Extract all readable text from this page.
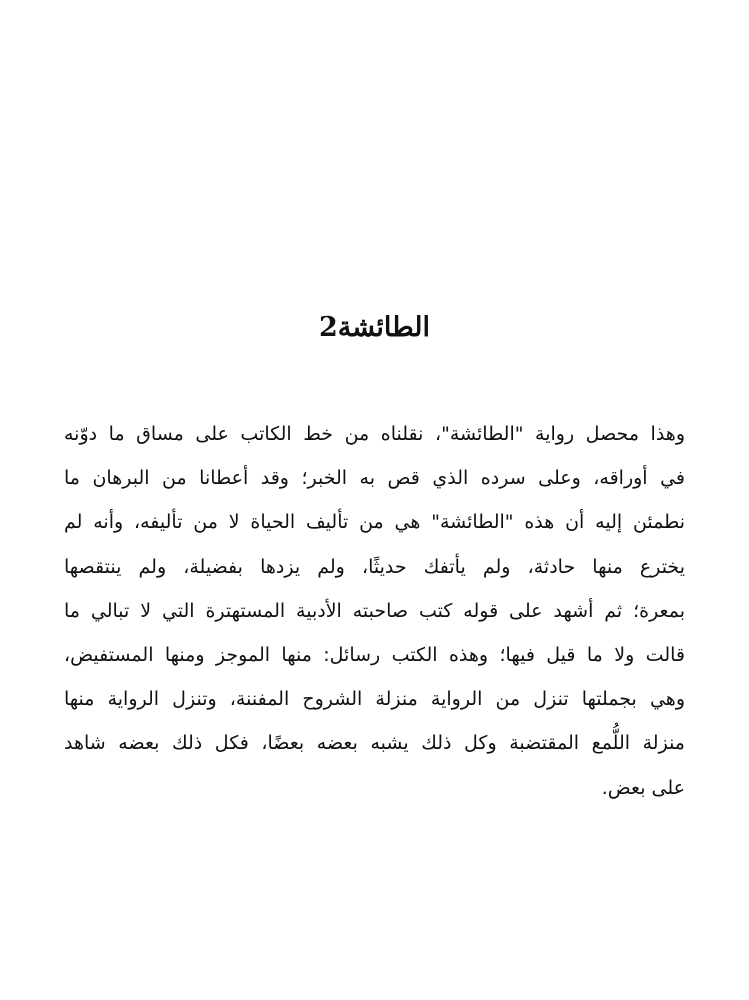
الطائشة2
وهذا محصل رواية "الطائشة"، نقلناه من خط الكاتب على مساق ما دوّنه
في أوراقه، وعلى سرده الذي قص به الخبر؛ وقد أعطانا من البرهان ما
نطمئن إليه أن هذه "الطائشة" هي من تأليف الحياة لا من تأليفه، وأنه لم
يخترع منها حادثة، ولم يأتفك حديثًا، ولم يزدها بفضيلة، ولم ينتقصها
بمعرة؛ ثم أشهد على قوله كتب صاحبته الأدبية المستهترة التي لا تبالي ما
قالت ولا ما قيل فيها؛ وهذه الكتب رسائل: منها الموجز ومنها المستفيض،
وهي بجملتها تنزل من الرواية منزلة الشروح المفننة، وتنزل الرواية منها
منزلة اللُّمع المقتضبة وكل ذلك يشبه بعضه بعضًا، فكل ذلك بعضه شاهد
على بعض.
